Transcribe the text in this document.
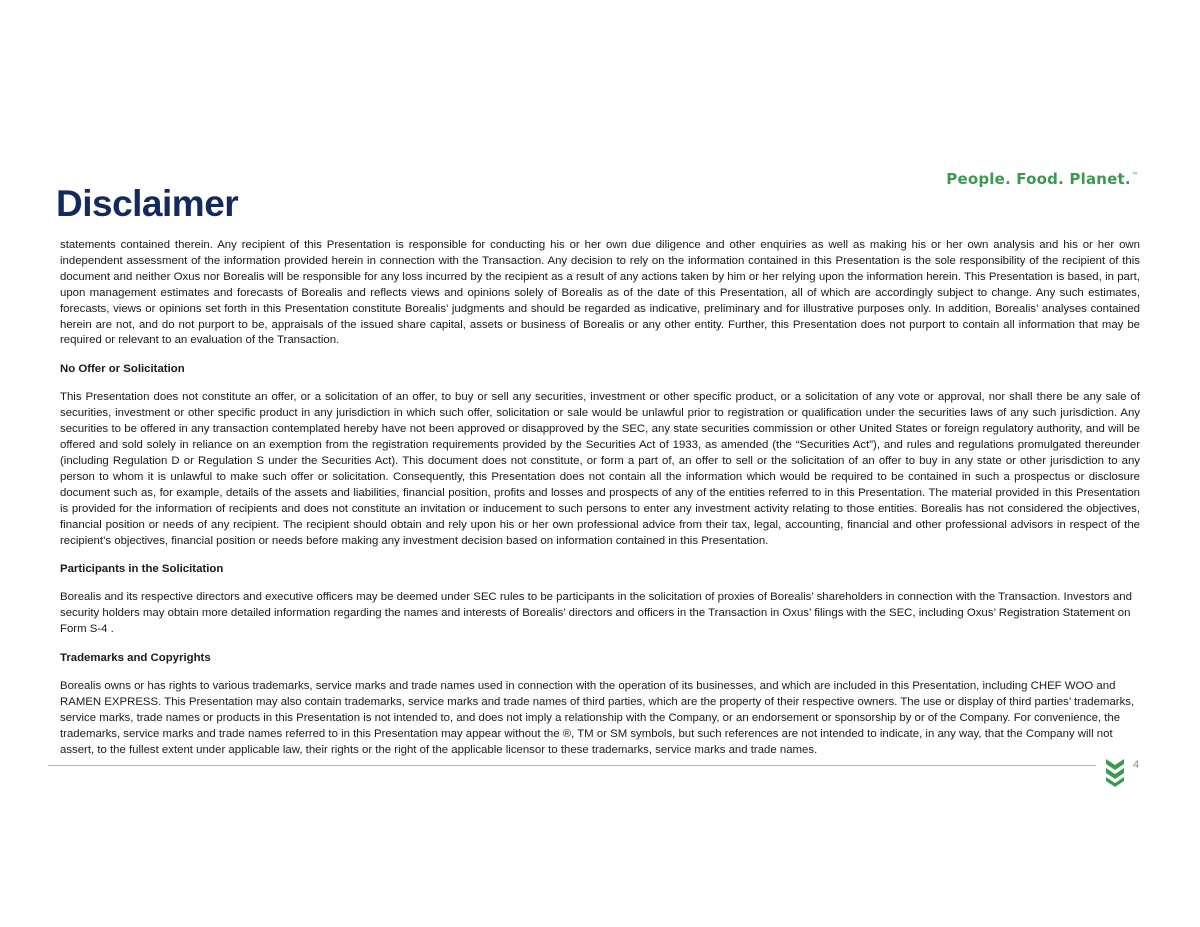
Disclaimer
People. Food. Planet.™

statements contained therein. Any recipient of this Presentation is responsible for conducting his or her own due diligence and other enquiries as well as making his or her own analysis and his or her own independent assessment of the information provided herein in connection with the Transaction. Any decision to rely on the information contained in this Presentation is the sole responsibility of the recipient of this document and neither Oxus nor Borealis will be responsible for any loss incurred by the recipient as a result of any actions taken by him or her relying upon the information herein. This Presentation is based, in part, upon management estimates and forecasts of Borealis and reflects views and opinions solely of Borealis as of the date of this Presentation, all of which are accordingly subject to change. Any such estimates, forecasts, views or opinions set forth in this Presentation constitute Borealis’ judgments and should be regarded as indicative, preliminary and for illustrative purposes only. In addition, Borealis’ analyses contained herein are not, and do not purport to be, appraisals of the issued share capital, assets or business of Borealis or any other entity. Further, this Presentation does not purport to contain all information that may be required or relevant to an evaluation of the Transaction.

No Offer or Solicitation

This Presentation does not constitute an offer, or a solicitation of an offer, to buy or sell any securities, investment or other specific product, or a solicitation of any vote or approval, nor shall there be any sale of securities, investment or other specific product in any jurisdiction in which such offer, solicitation or sale would be unlawful prior to registration or qualification under the securities laws of any such jurisdiction. Any securities to be offered in any transaction contemplated hereby have not been approved or disapproved by the SEC, any state securities commission or other United States or foreign regulatory authority, and will be offered and sold solely in reliance on an exemption from the registration requirements provided by the Securities Act of 1933, as amended (the “Securities Act”), and rules and regulations promulgated thereunder (including Regulation D or Regulation S under the Securities Act). This document does not constitute, or form a part of, an offer to sell or the solicitation of an offer to buy in any state or other jurisdiction to any person to whom it is unlawful to make such offer or solicitation. Consequently, this Presentation does not contain all the information which would be required to be contained in such a prospectus or disclosure document such as, for example, details of the assets and liabilities, financial position, profits and losses and prospects of any of the entities referred to in this Presentation. The material provided in this Presentation is provided for the information of recipients and does not constitute an invitation or inducement to such persons to enter any investment activity relating to those entities. Borealis has not considered the objectives, financial position or needs of any recipient. The recipient should obtain and rely upon his or her own professional advice from their tax, legal, accounting, financial and other professional advisors in respect of the recipient’s objectives, financial position or needs before making any investment decision based on information contained in this Presentation.

Participants in the Solicitation

Borealis and its respective directors and executive officers may be deemed under SEC rules to be participants in the solicitation of proxies of Borealis’ shareholders in connection with the Transaction. Investors and security holders may obtain more detailed information regarding the names and interests of Borealis’ directors and officers in the Transaction in Oxus’ filings with the SEC, including Oxus’ Registration Statement on Form S-4 .

Trademarks and Copyrights

Borealis owns or has rights to various trademarks, service marks and trade names used in connection with the operation of its businesses, and which are included in this Presentation, including CHEF WOO and RAMEN EXPRESS. This Presentation may also contain trademarks, service marks and trade names of third parties, which are the property of their respective owners. The use or display of third parties’ trademarks, service marks, trade names or products in this Presentation is not intended to, and does not imply a relationship with the Company, or an endorsement or sponsorship by or of the Company. For convenience, the trademarks, service marks and trade names referred to in this Presentation may appear without the ®, TM or SM symbols, but such references are not intended to indicate, in any way, that the Company will not assert, to the fullest extent under applicable law, their rights or the right of the applicable licensor to these trademarks, service marks and trade names.

4
